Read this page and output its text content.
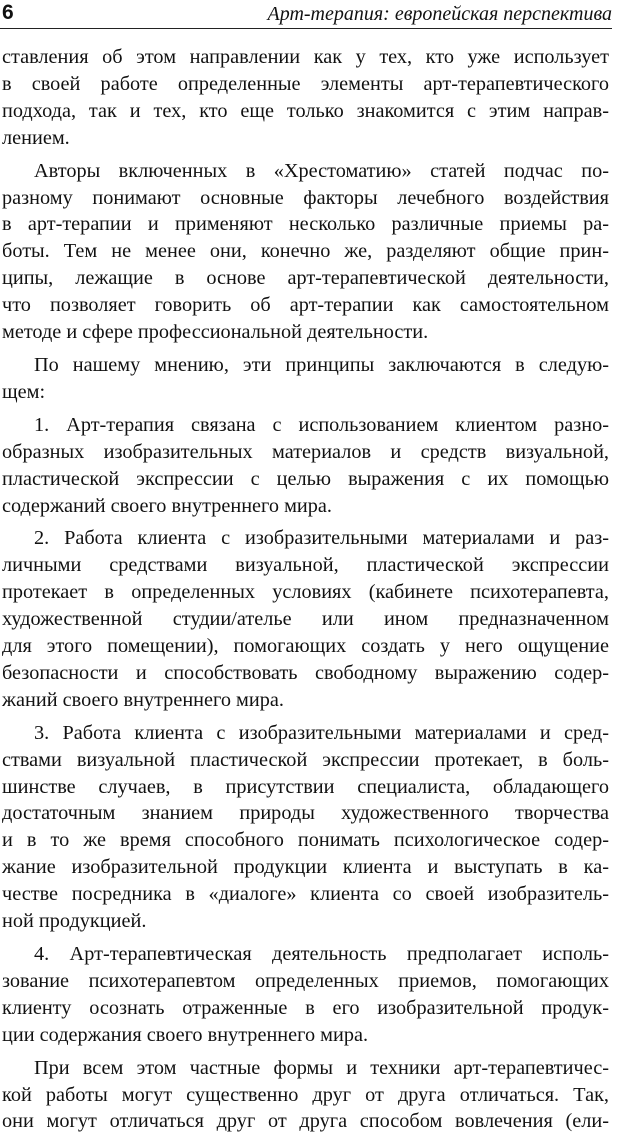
6	Арт-терапия: европейская перспектива
ставления об этом направлении как у тех, кто уже использует
в своей работе определенные элементы арт-терапевтического
подхода, так и тех, кто еще только знакомится с этим направ-
лением.
Авторы включенных в «Хрестоматию» статей подчас по-
разному понимают основные факторы лечебного воздействия
в арт-терапии и применяют несколько различные приемы ра-
боты. Тем не менее они, конечно же, разделяют общие прин-
ципы, лежащие в основе арт-терапевтической деятельности,
что позволяет говорить об арт-терапии как самостоятельном
методе и сфере профессиональной деятельности.
По нашему мнению, эти принципы заключаются в следую-
щем:
1. Арт-терапия связана с использованием клиентом разно-
образных изобразительных материалов и средств визуальной,
пластической экспрессии с целью выражения с их помощью
содержаний своего внутреннего мира.
2. Работа клиента с изобразительными материалами и раз-
личными средствами визуальной, пластической экспрессии
протекает в определенных условиях (кабинете психотерапевта,
художественной студии/ателье или ином предназначенном
для этого помещении), помогающих создать у него ощущение
безопасности и способствовать свободному выражению содер-
жаний своего внутреннего мира.
3. Работа клиента с изобразительными материалами и сред-
ствами визуальной пластической экспрессии протекает, в боль-
шинстве случаев, в присутствии специалиста, обладающего
достаточным знанием природы художественного творчества
и в то же время способного понимать психологическое содер-
жание изобразительной продукции клиента и выступать в ка-
честве посредника в «диалоге» клиента со своей изобразитель-
ной продукцией.
4. Арт-терапевтическая деятельность предполагает исполь-
зование психотерапевтом определенных приемов, помогающих
клиенту осознать отраженные в его изобразительной продук-
ции содержания своего внутреннего мира.
При всем этом частные формы и техники арт-терапевтичес-
кой работы могут существенно друг от друга отличаться. Так,
они могут отличаться друг от друга способом вовлечения (ели-
